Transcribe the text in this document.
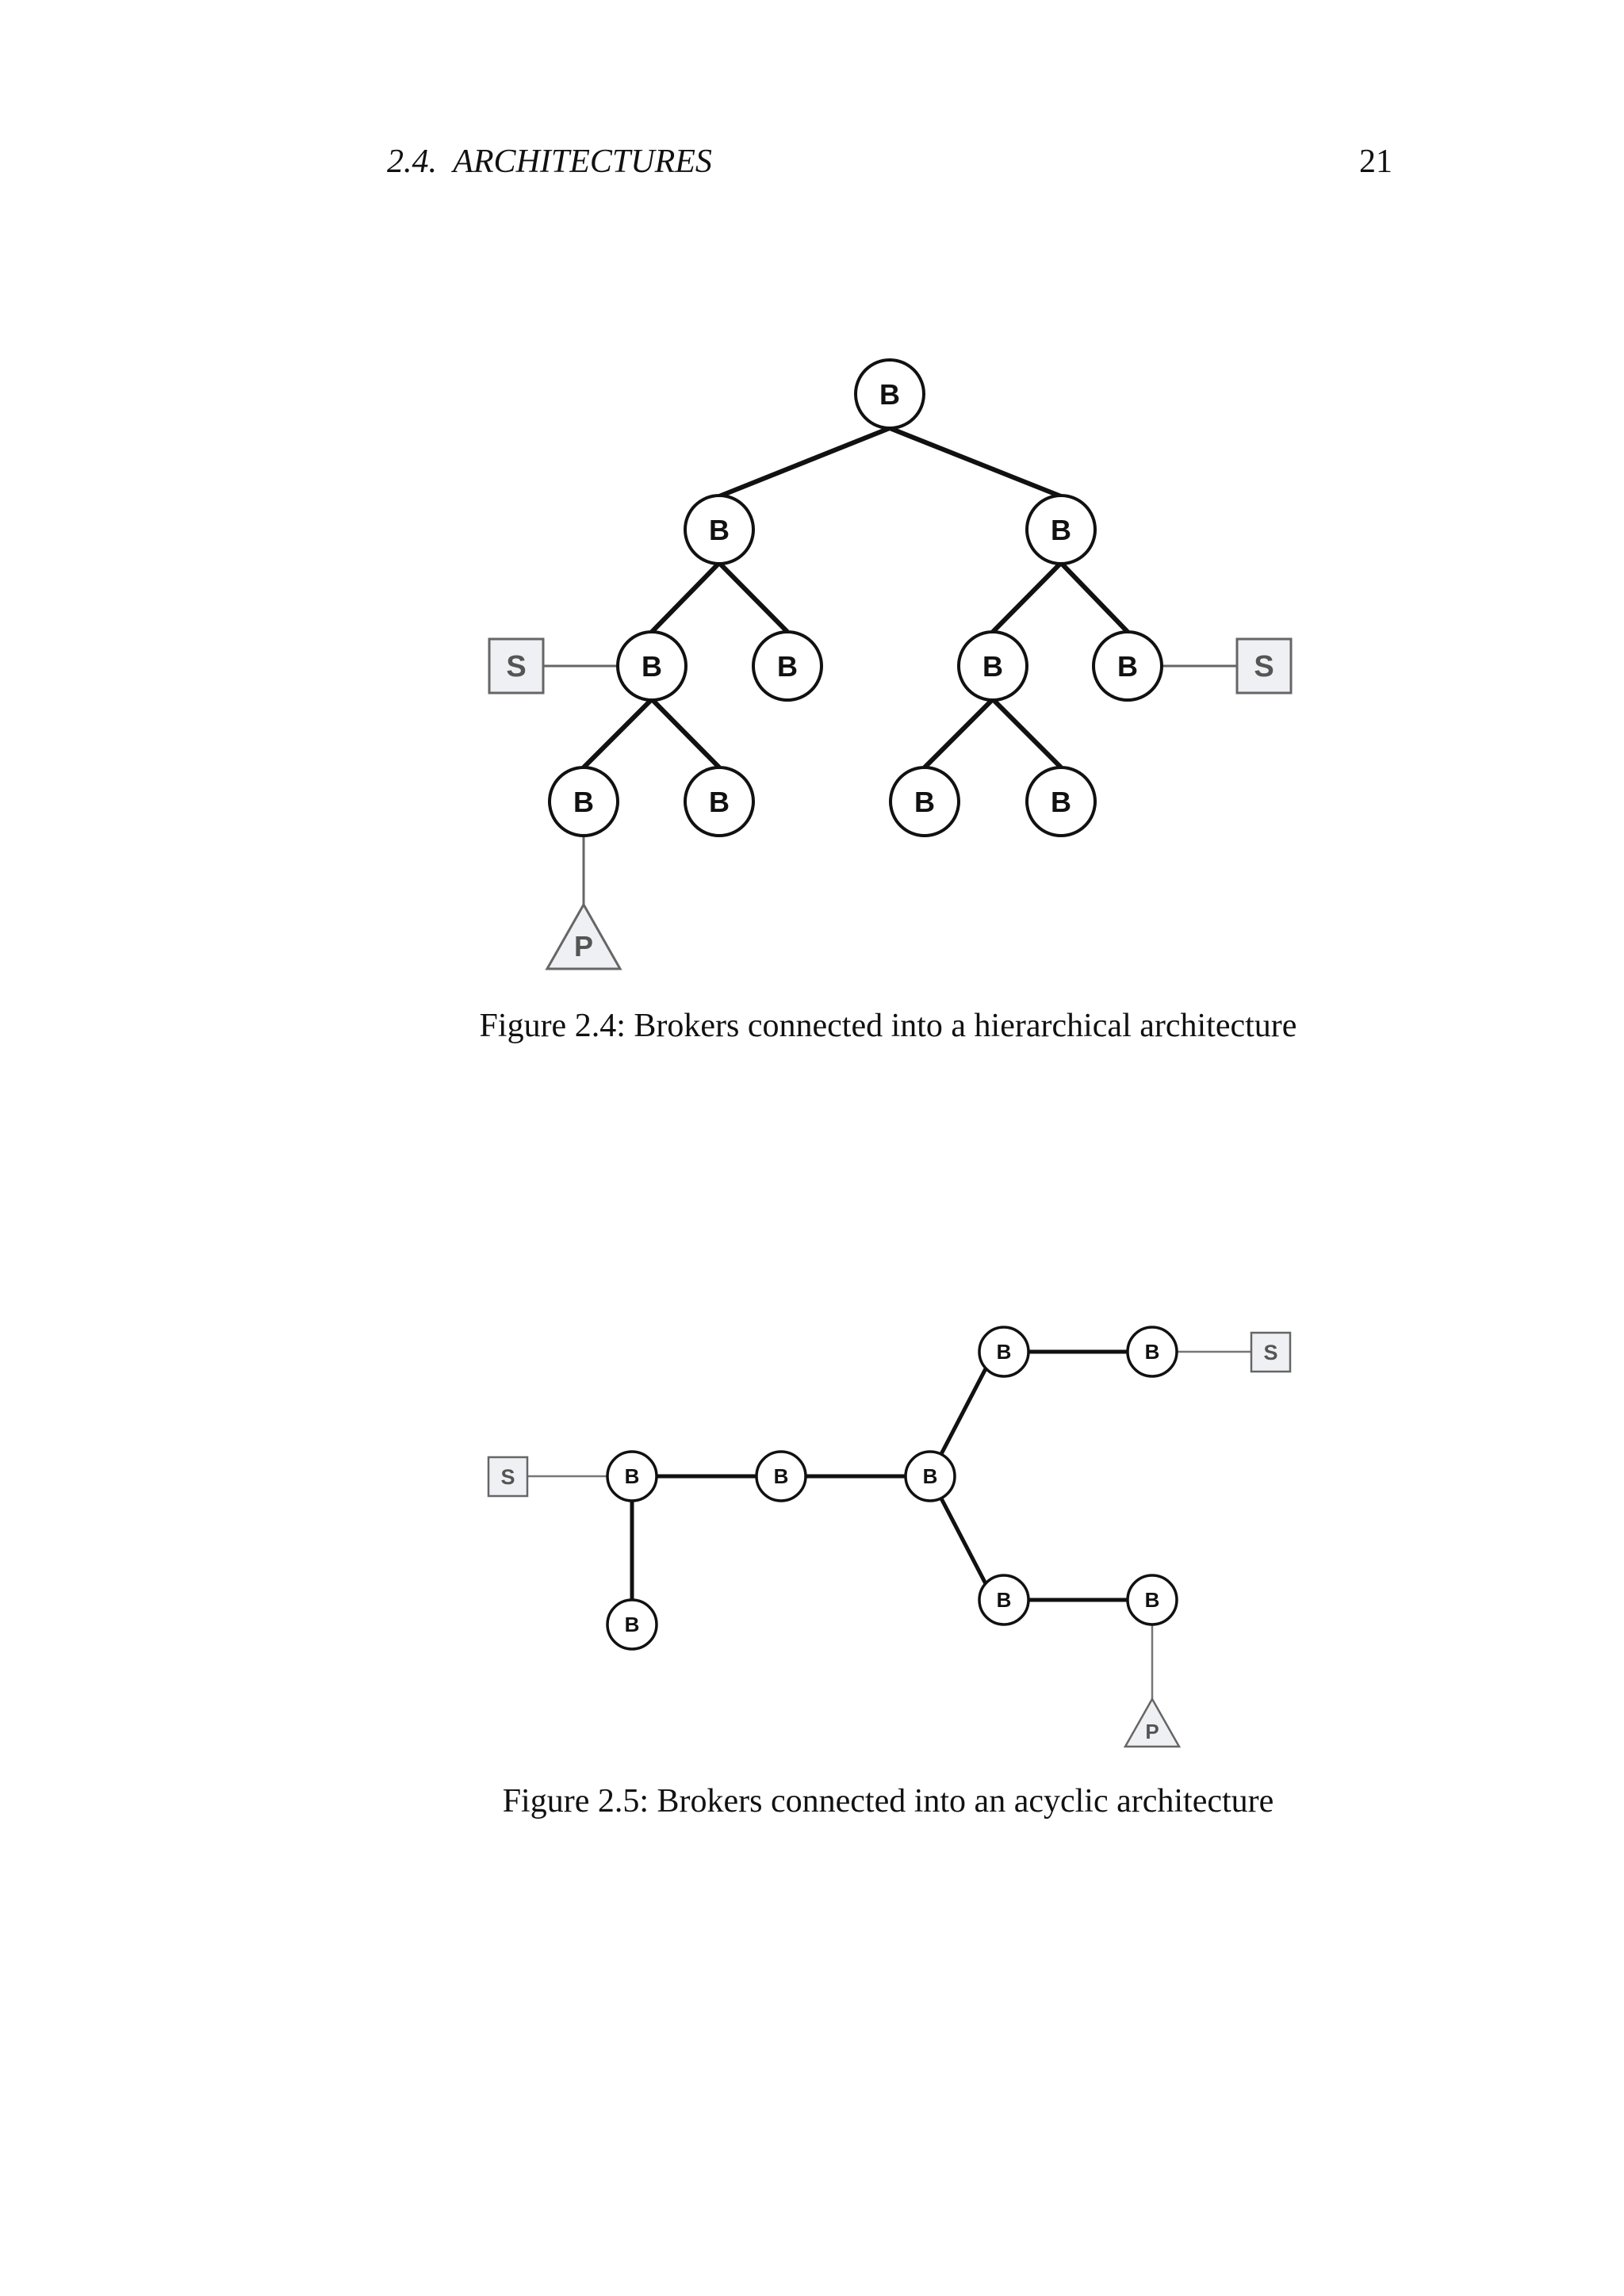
2.4.  ARCHITECTURES	21
B
B	B
B	B	B	B
B	B	B	B
S	S
P
Figure 2.4: Brokers connected into a hierarchical architecture
B	B	B
B
B	B
B	B
S
S
P
Figure 2.5: Brokers connected into an acyclic architecture
